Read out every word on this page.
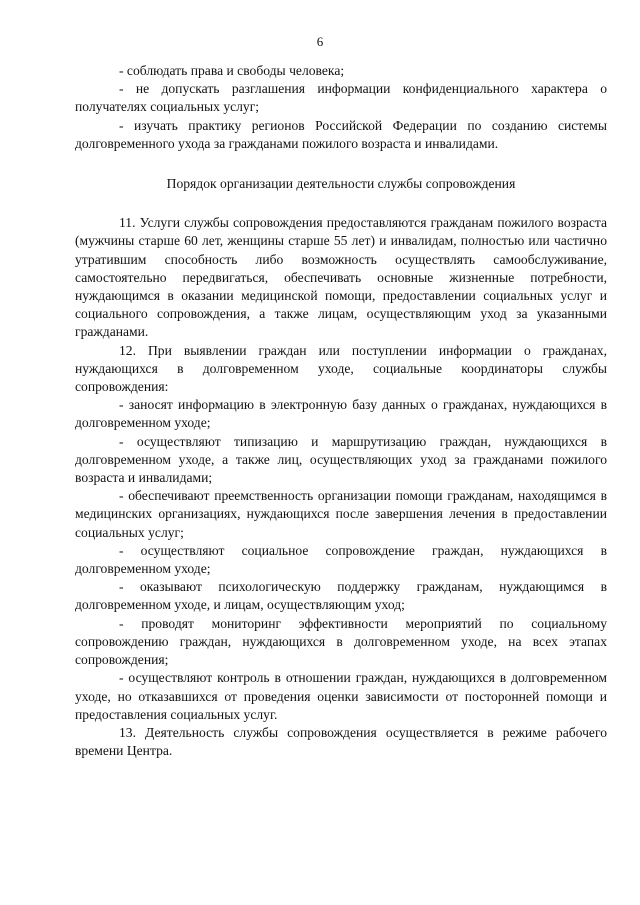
6

- соблюдать права и свободы человека;

- не допускать разглашения информации конфиденциального характера о получателях социальных услуг;

- изучать практику регионов Российской Федерации по созданию системы долговременного ухода за гражданами пожилого возраста и инвалидами.

Порядок организации деятельности службы сопровождения

11. Услуги службы сопровождения предоставляются гражданам пожилого возраста (мужчины старше 60 лет, женщины старше 55 лет) и инвалидам, полностью или частично утратившим способность либо возможность осуществлять самообслуживание, самостоятельно передвигаться, обеспечивать основные жизненные потребности, нуждающимся в оказании медицинской помощи, предоставлении социальных услуг и социального сопровождения, а также лицам, осуществляющим уход за указанными гражданами.

12. При выявлении граждан или поступлении информации о гражданах, нуждающихся в долговременном уходе, социальные координаторы службы сопровождения:

- заносят информацию в электронную базу данных о гражданах, нуждающихся в долговременном уходе;

- осуществляют типизацию и маршрутизацию граждан, нуждающихся в долговременном уходе, а также лиц, осуществляющих уход за гражданами пожилого возраста и инвалидами;

- обеспечивают преемственность организации помощи гражданам, находящимся в медицинских организациях, нуждающихся после завершения лечения в предоставлении социальных услуг;

- осуществляют социальное сопровождение граждан, нуждающихся в долговременном уходе;

- оказывают психологическую поддержку гражданам, нуждающимся в долговременном уходе, и лицам, осуществляющим уход;

- проводят мониторинг эффективности мероприятий по социальному сопровождению граждан, нуждающихся в долговременном уходе, на всех этапах сопровождения;

- осуществляют контроль в отношении граждан, нуждающихся в долговременном уходе, но отказавшихся от проведения оценки зависимости от посторонней помощи и предоставления социальных услуг.

13. Деятельность службы сопровождения осуществляется в режиме рабочего времени Центра.
